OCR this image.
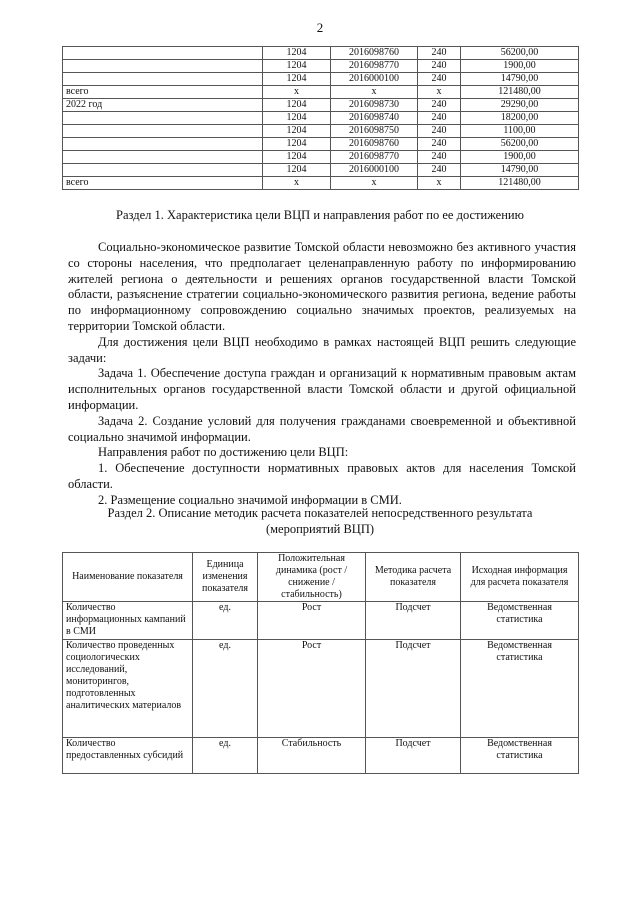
2
	1204	2016098760	240	56200,00
	1204	2016098770	240	1900,00
	1204	2016000100	240	14790,00
всего	x	x	x	121480,00
2022 год	1204	2016098730	240	29290,00
	1204	2016098740	240	18200,00
	1204	2016098750	240	1100,00
	1204	2016098760	240	56200,00
	1204	2016098770	240	1900,00
	1204	2016000100	240	14790,00
всего	x	x	x	121480,00
Раздел 1. Характеристика цели ВЦП и направления работ по ее достижению

Социально-экономическое развитие Томской области невозможно без активного участия со стороны населения, что предполагает целенаправленную работу по информированию жителей региона о деятельности и решениях органов государственной власти Томской области, разъяснение стратегии социально-экономического развития региона, ведение работы по информационному сопровождению социально значимых проектов, реализуемых на территории Томской области.

Для достижения цели ВЦП необходимо в рамках настоящей ВЦП решить следующие задачи:

Задача 1. Обеспечение доступа граждан и организаций к нормативным правовым актам исполнительных органов государственной власти Томской области и другой официальной информации.

Задача 2. Создание условий для получения гражданами своевременной и объективной социально значимой информации.

Направления работ по достижению цели ВЦП:

1. Обеспечение доступности нормативных правовых актов для населения Томской области.

2. Размещение социально значимой информации в СМИ.

Раздел 2. Описание методик расчета показателей непосредственного результата
(мероприятий ВЦП)
Наименование показателя	Единица изменения показателя	Положительная динамика (рост / снижение / стабильность)	Методика расчета показателя	Исходная информация для расчета показателя
Количество информационных кампаний в СМИ	ед.	Рост	Подсчет	Ведомственная статистика
Количество проведенных социологических исследований, мониторингов, подготовленных аналитических материалов	ед.	Рост	Подсчет	Ведомственная статистика
Количество предоставленных субсидий	ед.	Стабильность	Подсчет	Ведомственная статистика
